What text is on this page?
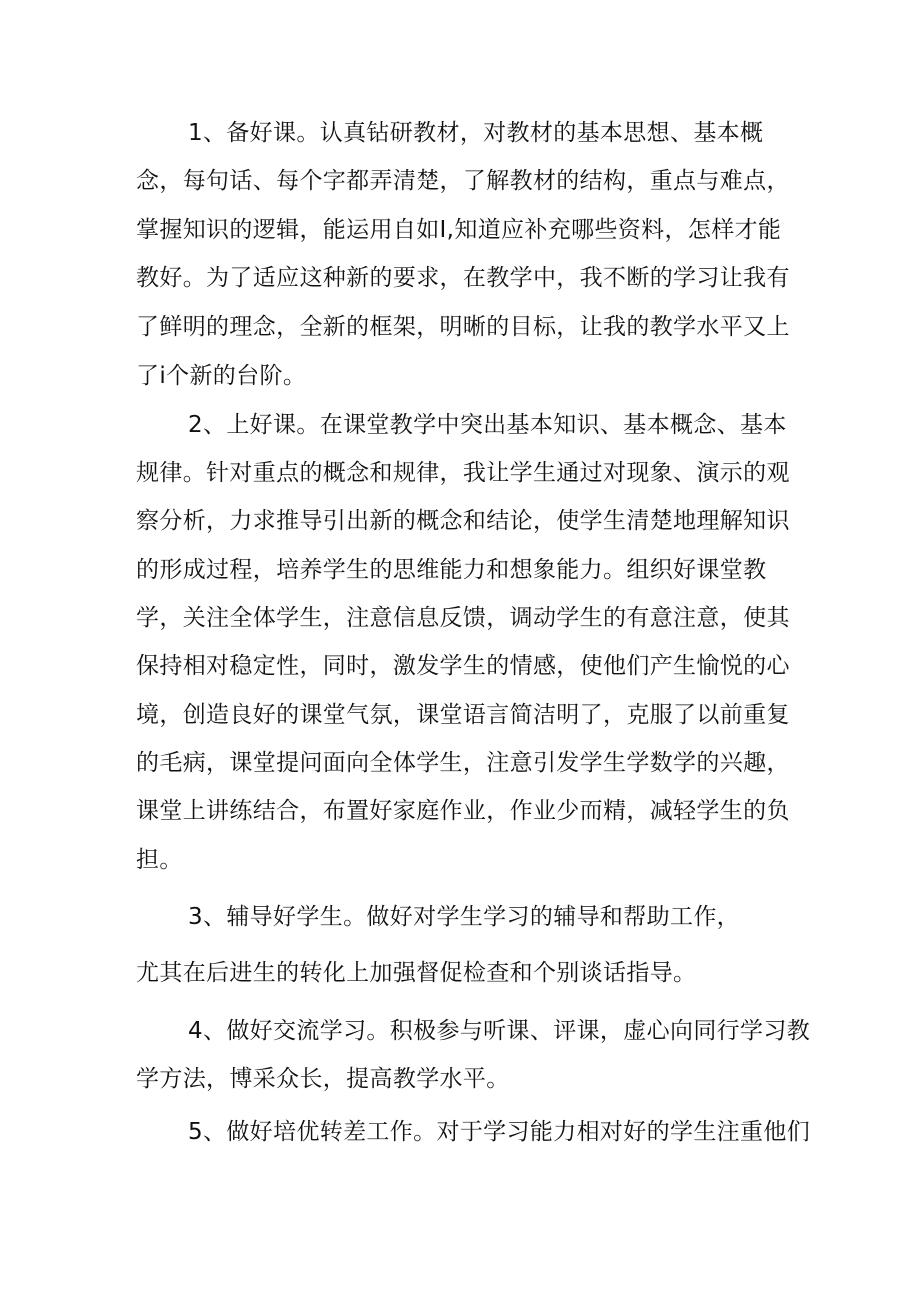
1、备好课。认真钻研教材，对教材的基本思想、基本概
念，每句话、每个字都弄清楚，了解教材的结构，重点与难点，
掌握知识的逻辑，能运用自如I,知道应补充哪些资料，怎样才能
教好。为了适应这种新的要求，在教学中，我不断的学习让我有
了鲜明的理念，全新的框架，明晰的目标，让我的教学水平又上
了i个新的台阶。
2、上好课。在课堂教学中突出基本知识、基本概念、基本
规律。针对重点的概念和规律，我让学生通过对现象、演示的观
察分析，力求推导引出新的概念和结论，使学生清楚地理解知识
的形成过程，培养学生的思维能力和想象能力。组织好课堂教
学，关注全体学生，注意信息反馈，调动学生的有意注意，使其
保持相对稳定性，同时，激发学生的情感，使他们产生愉悦的心
境，创造良好的课堂气氛，课堂语言简洁明了，克服了以前重复
的毛病，课堂提问面向全体学生，注意引发学生学数学的兴趣，
课堂上讲练结合，布置好家庭作业，作业少而精，减轻学生的负
担。
3、辅导好学生。做好对学生学习的辅导和帮助工作，
尤其在后进生的转化上加强督促检查和个别谈话指导。
4、做好交流学习。积极参与听课、评课，虚心向同行学习教
学方法，博采众长，提高教学水平。
5、做好培优转差工作。对于学习能力相对好的学生注重他们
